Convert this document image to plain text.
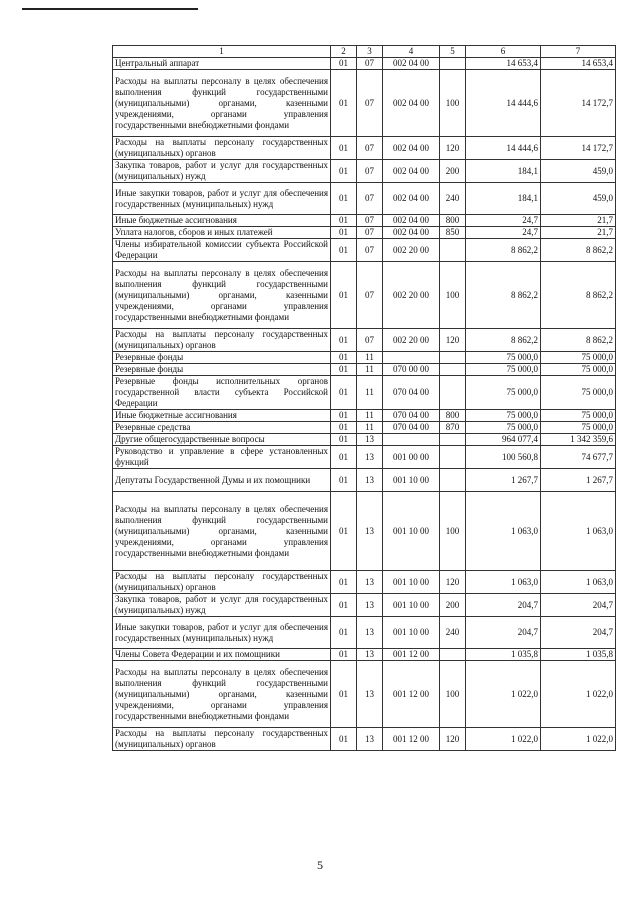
1	2	3	4	5	6	7
Центральный аппарат	01	07	002 04 00		14 653,4	14 653,4
Расходы на выплаты персоналу в целях обеспечения выполнения функций государственными (муниципальными) органами, казенными учреждениями, органами управления государственными внебюджетными фондами	01	07	002 04 00	100	14 444,6	14 172,7
Расходы на выплаты персоналу государственных (муниципальных) органов	01	07	002 04 00	120	14 444,6	14 172,7
Закупка товаров, работ и услуг для государственных (муниципальных) нужд	01	07	002 04 00	200	184,1	459,0
Иные закупки товаров, работ и услуг для обеспечения государственных (муниципальных) нужд	01	07	002 04 00	240	184,1	459,0
Иные бюджетные ассигнования	01	07	002 04 00	800	24,7	21,7
Уплата налогов, сборов и иных платежей	01	07	002 04 00	850	24,7	21,7
Члены избирательной комиссии субъекта Российской Федерации	01	07	002 20 00		8 862,2	8 862,2
Расходы на выплаты персоналу в целях обеспечения выполнения функций государственными (муниципальными) органами, казенными учреждениями, органами управления государственными внебюджетными фондами	01	07	002 20 00	100	8 862,2	8 862,2
Расходы на выплаты персоналу государственных (муниципальных) органов	01	07	002 20 00	120	8 862,2	8 862,2
Резервные фонды	01	11			75 000,0	75 000,0
Резервные фонды	01	11	070 00 00		75 000,0	75 000,0
Резервные фонды исполнительных органов государственной власти субъекта Российской Федерации	01	11	070 04 00		75 000,0	75 000,0
Иные бюджетные ассигнования	01	11	070 04 00	800	75 000,0	75 000,0
Резервные средства	01	11	070 04 00	870	75 000,0	75 000,0
Другие общегосударственные вопросы	01	13			964 077,4	1 342 359,6
Руководство и управление в сфере установленных функций	01	13	001 00 00		100 560,8	74 677,7
Депутаты Государственной Думы и их помощники	01	13	001 10 00		1 267,7	1 267,7
Расходы на выплаты персоналу в целях обеспечения выполнения функций государственными (муниципальными) органами, казенными учреждениями, органами управления государственными внебюджетными фондами	01	13	001 10 00	100	1 063,0	1 063,0
Расходы на выплаты персоналу государственных (муниципальных) органов	01	13	001 10 00	120	1 063,0	1 063,0
Закупка товаров, работ и услуг для государственных (муниципальных) нужд	01	13	001 10 00	200	204,7	204,7
Иные закупки товаров, работ и услуг для обеспечения государственных (муниципальных) нужд	01	13	001 10 00	240	204,7	204,7
Члены Совета Федерации и их помощники	01	13	001 12 00		1 035,8	1 035,8
Расходы на выплаты персоналу в целях обеспечения выполнения функций государственными (муниципальными) органами, казенными учреждениями, органами управления государственными внебюджетными фондами	01	13	001 12 00	100	1 022,0	1 022,0
Расходы на выплаты персоналу государственных (муниципальных) органов	01	13	001 12 00	120	1 022,0	1 022,0
5
